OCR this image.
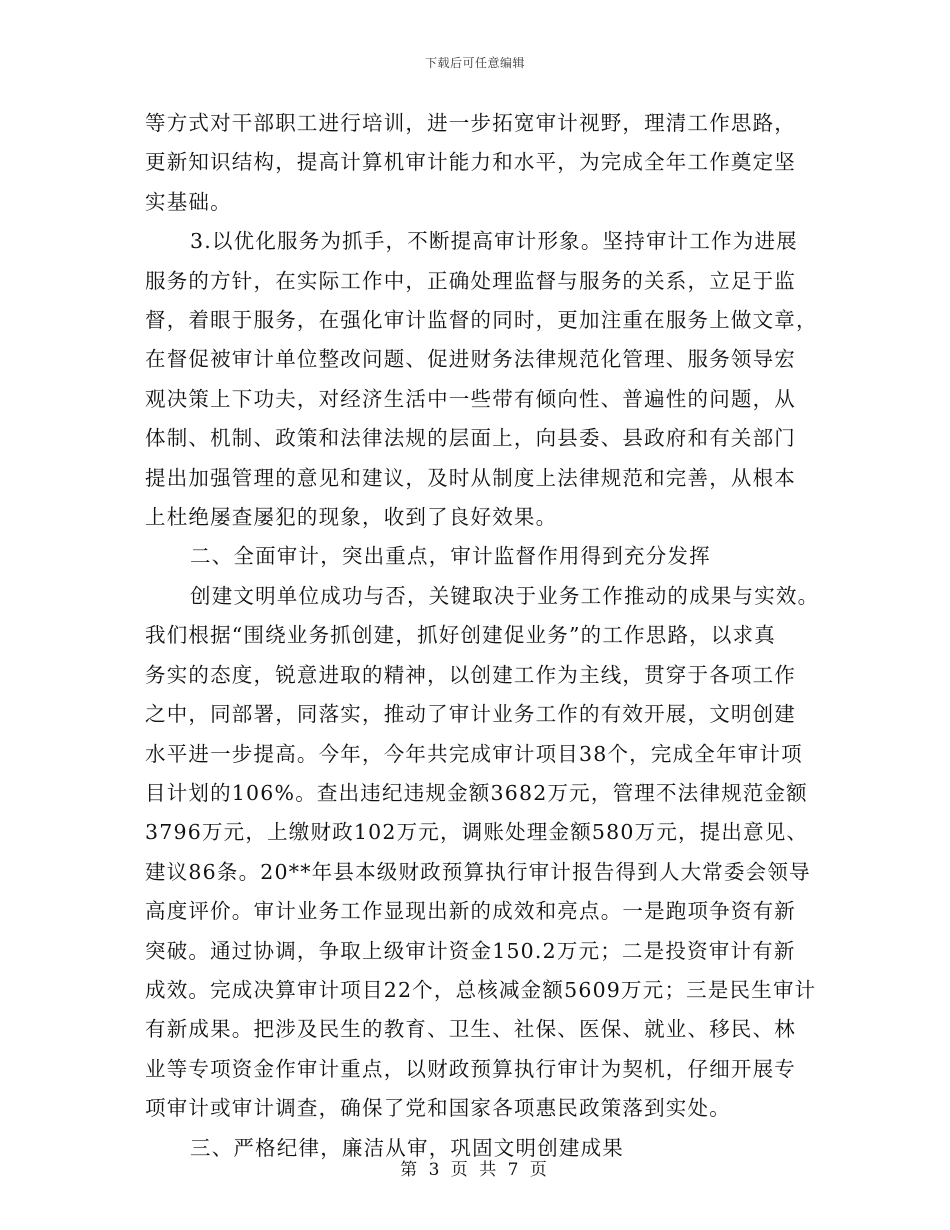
下载后可任意编辑
等方式对干部职工进行培训，进一步拓宽审计视野，理清工作思路，
更新知识结构，提高计算机审计能力和水平，为完成全年工作奠定坚
实基础。
3.以优化服务为抓手，不断提高审计形象。坚持审计工作为进展
服务的方针，在实际工作中，正确处理监督与服务的关系，立足于监
督，着眼于服务，在强化审计监督的同时，更加注重在服务上做文章，
在督促被审计单位整改问题、促进财务法律规范化管理、服务领导宏
观决策上下功夫，对经济生活中一些带有倾向性、普遍性的问题，从
体制、机制、政策和法律法规的层面上，向县委、县政府和有关部门
提出加强管理的意见和建议，及时从制度上法律规范和完善，从根本
上杜绝屡查屡犯的现象，收到了良好效果。
二、全面审计，突出重点，审计监督作用得到充分发挥
创建文明单位成功与否，关键取决于业务工作推动的成果与实效。
我们根据“围绕业务抓创建，抓好创建促业务”的工作思路，以求真
务实的态度，锐意进取的精神，以创建工作为主线，贯穿于各项工作
之中，同部署，同落实，推动了审计业务工作的有效开展，文明创建
水平进一步提高。今年，今年共完成审计项目38个，完成全年审计项
目计划的106%。查出违纪违规金额3682万元，管理不法律规范金额
3796万元，上缴财政102万元，调账处理金额580万元，提出意见、
建议86条。20**年县本级财政预算执行审计报告得到人大常委会领导
高度评价。审计业务工作显现出新的成效和亮点。一是跑项争资有新
突破。通过协调，争取上级审计资金150.2万元；二是投资审计有新
成效。完成决算审计项目22个，总核减金额5609万元；三是民生审计
有新成果。把涉及民生的教育、卫生、社保、医保、就业、移民、林
业等专项资金作审计重点，以财政预算执行审计为契机，仔细开展专
项审计或审计调查，确保了党和国家各项惠民政策落到实处。
三、严格纪律，廉洁从审，巩固文明创建成果
第 3 页 共 7 页
